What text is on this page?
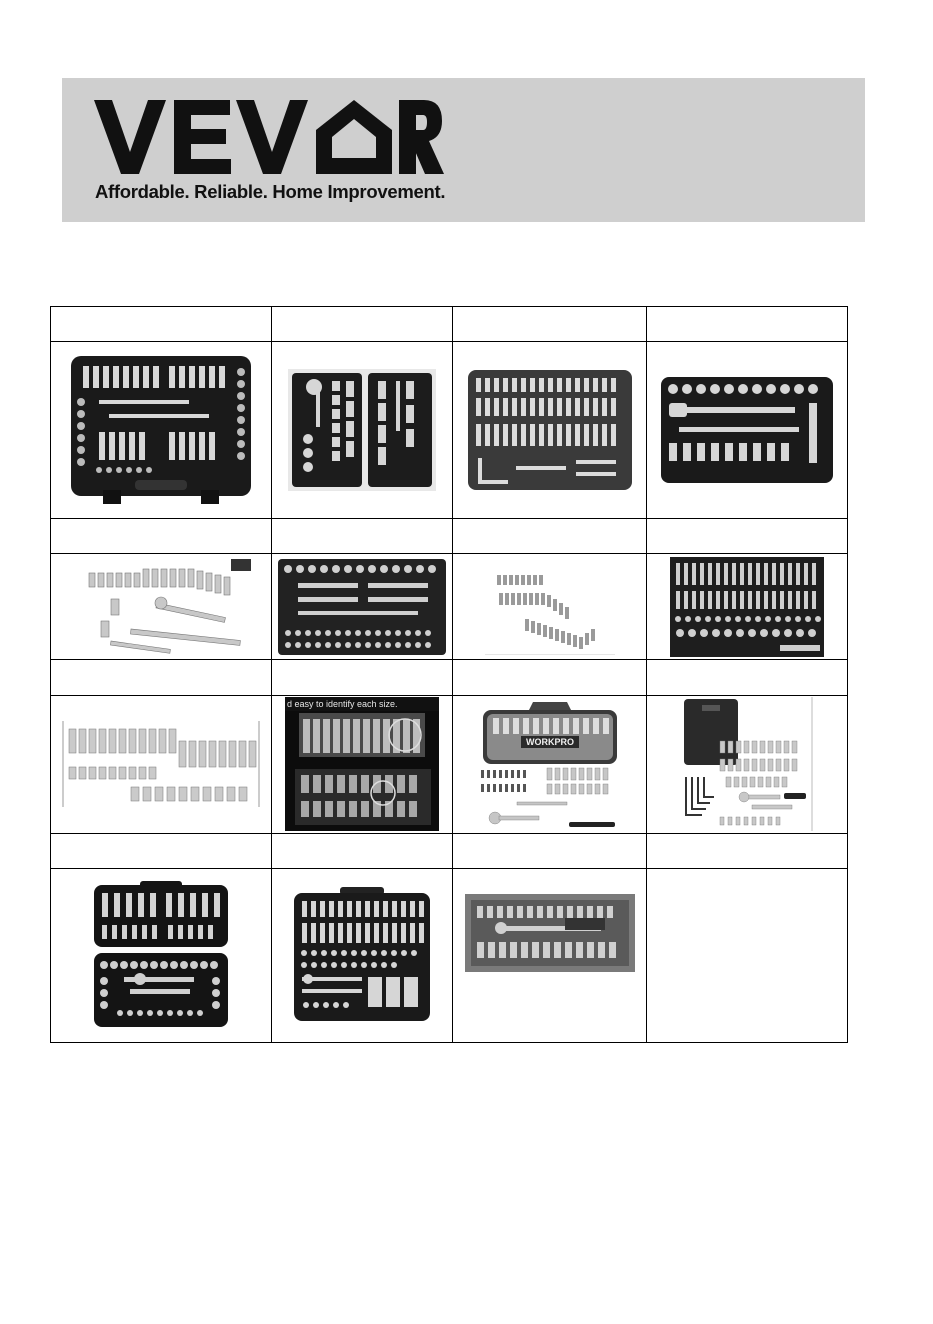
Affordable. Reliable. Home Improvement.

d easy to identify each size.	WORKPRO
